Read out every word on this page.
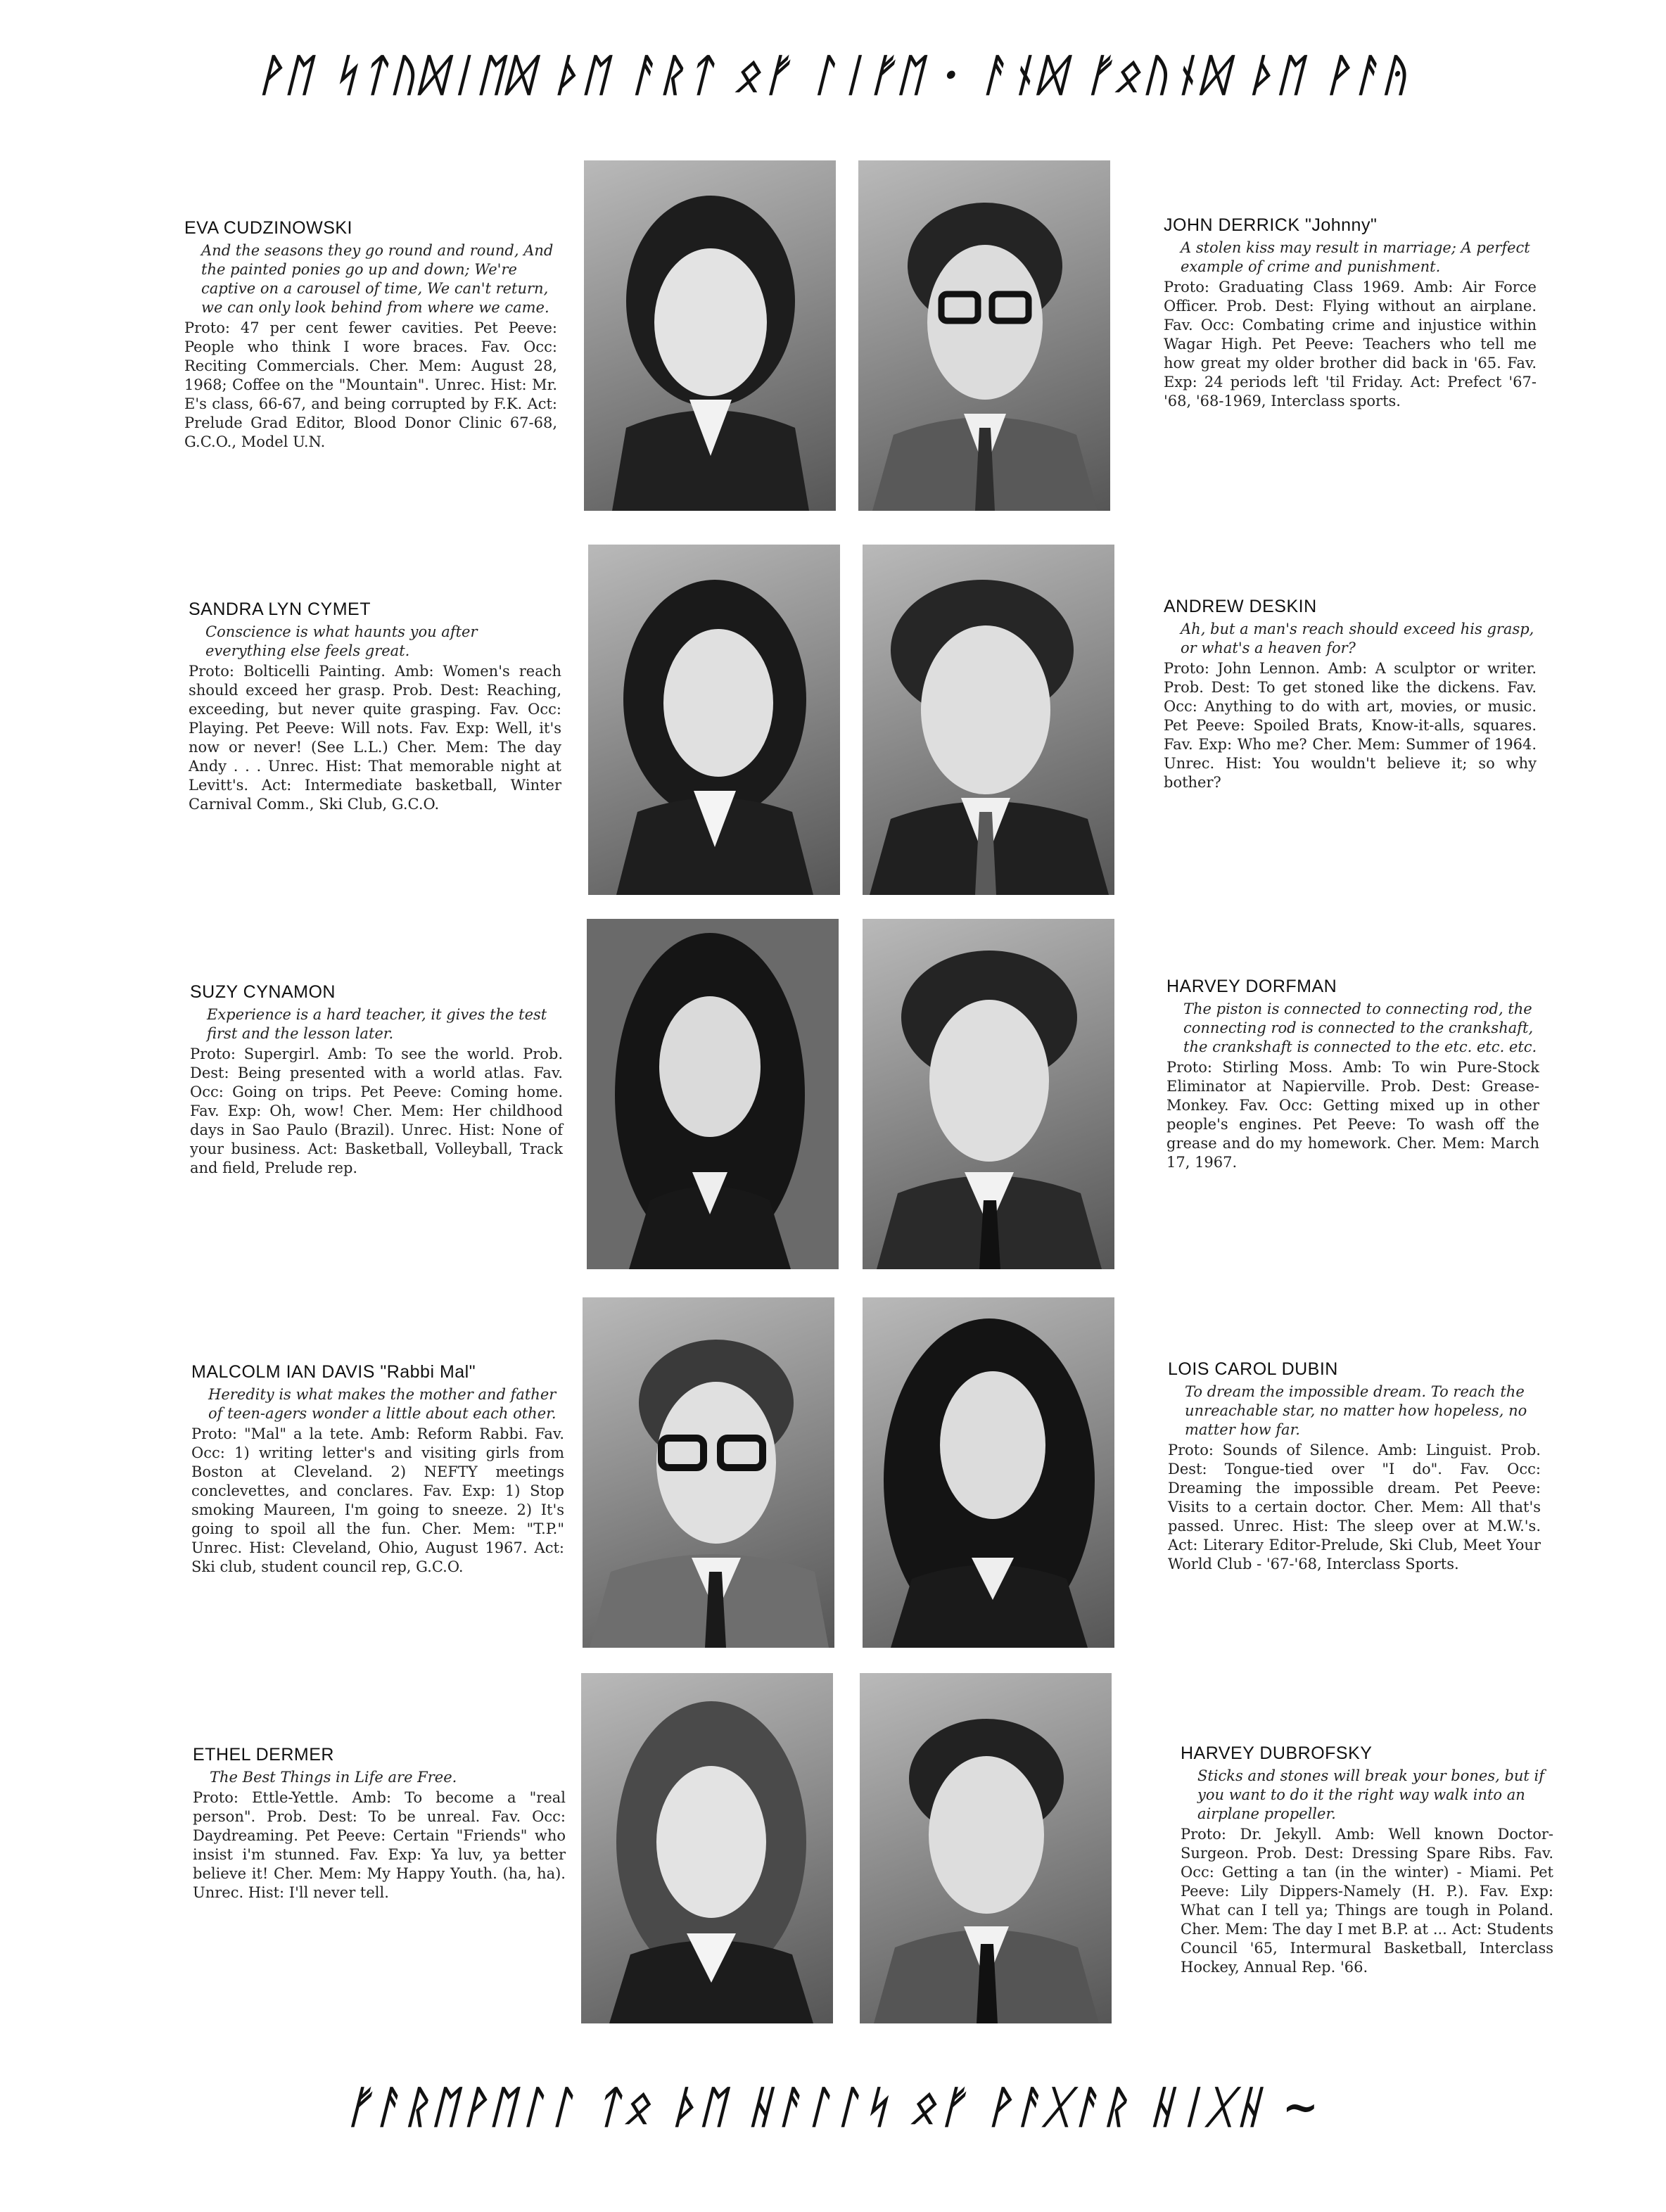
ᚹᛖ ᛋᛏᚢᛞᛁᛖᛞ ᚦᛖ ᚨᚱᛏ ᛟᚠ ᛚᛁᚠᛖ · ᚨᚾᛞ ᚠᛟᚢᚾᛞ ᚦᛖ ᚹᚨᚤ

EVA CUDZINOWSKI

And the seasons they go round and round, And the painted ponies go up and down; We're captive on a carousel of time, We can't return, we can only look behind from where we came.

Proto: 47 per cent fewer cavities. Pet Peeve: People who think I wore braces. Fav. Occ: Reciting Commercials. Cher. Mem: August 28, 1968; Coffee on the "Mountain". Unrec. Hist: Mr. E's class, 66-67, and being corrupted by F.K. Act: Prelude Grad Editor, Blood Donor Clinic 67-68, G.C.O., Model U.N.

SANDRA LYN CYMET

Conscience is what haunts you after everything else feels great.

Proto: Bolticelli Painting. Amb: Women's reach should exceed her grasp. Prob. Dest: Reaching, exceeding, but never quite grasping. Fav. Occ: Playing. Pet Peeve: Will nots. Fav. Exp: Well, it's now or never! (See L.L.) Cher. Mem: The day Andy . . . Unrec. Hist: That memorable night at Levitt's. Act: Intermediate basketball, Winter Carnival Comm., Ski Club, G.C.O.

SUZY CYNAMON

Experience is a hard teacher, it gives the test first and the lesson later.

Proto: Supergirl. Amb: To see the world. Prob. Dest: Being presented with a world atlas. Fav. Occ: Going on trips. Pet Peeve: Coming home. Fav. Exp: Oh, wow! Cher. Mem: Her childhood days in Sao Paulo (Brazil). Unrec. Hist: None of your business. Act: Basketball, Volleyball, Track and field, Prelude rep.

MALCOLM IAN DAVIS "Rabbi Mal"

Heredity is what makes the mother and father of teen-agers wonder a little about each other.

Proto: "Mal" a la tete. Amb: Reform Rabbi. Fav. Occ: 1) writing letter's and visiting girls from Boston at Cleveland. 2) NEFTY meetings conclevettes, and conclares. Fav. Exp: 1) Stop smoking Maureen, I'm going to sneeze. 2) It's going to spoil all the fun. Cher. Mem: "T.P." Unrec. Hist: Cleveland, Ohio, August 1967. Act: Ski club, student council rep, G.C.O.

ETHEL DERMER

The Best Things in Life are Free.

Proto: Ettle-Yettle. Amb: To become a "real person". Prob. Dest: To be unreal. Fav. Occ: Daydreaming. Pet Peeve: Certain "Friends" who insist i'm stunned. Fav. Exp: Ya luv, ya better believe it! Cher. Mem: My Happy Youth. (ha, ha). Unrec. Hist: I'll never tell.

JOHN DERRICK "Johnny"

A stolen kiss may result in marriage; A perfect example of crime and punishment.

Proto: Graduating Class 1969. Amb: Air Force Officer. Prob. Dest: Flying without an airplane. Fav. Occ: Combating crime and injustice within Wagar High. Pet Peeve: Teachers who tell me how great my older brother did back in '65. Fav. Exp: 24 periods left 'til Friday. Act: Prefect '67-'68, '68-1969, Interclass sports.

ANDREW DESKIN

Ah, but a man's reach should exceed his grasp, or what's a heaven for?

Proto: John Lennon. Amb: A sculptor or writer. Prob. Dest: To get stoned like the dickens. Fav. Occ: Anything to do with art, movies, or music. Pet Peeve: Spoiled Brats, Know-it-alls, squares. Fav. Exp: Who me? Cher. Mem: Summer of 1964. Unrec. Hist: You wouldn't believe it; so why bother?

HARVEY DORFMAN

The piston is connected to connecting rod, the connecting rod is connected to the crankshaft, the crankshaft is connected to the etc. etc. etc.

Proto: Stirling Moss. Amb: To win Pure-Stock Eliminator at Napierville. Prob. Dest: Grease-Monkey. Fav. Occ: Getting mixed up in other people's engines. Pet Peeve: To wash off the grease and do my homework. Cher. Mem: March 17, 1967.

LOIS CAROL DUBIN

To dream the impossible dream. To reach the unreachable star, no matter how hopeless, no matter how far.

Proto: Sounds of Silence. Amb: Linguist. Prob. Dest: Tongue-tied over "I do". Fav. Occ: Dreaming the impossible dream. Pet Peeve: Visits to a certain doctor. Cher. Mem: All that's passed. Unrec. Hist: The sleep over at M.W.'s. Act: Literary Editor-Prelude, Ski Club, Meet Your World Club - '67-'68, Interclass Sports.

HARVEY DUBROFSKY

Sticks and stones will break your bones, but if you want to do it the right way walk into an airplane propeller.

Proto: Dr. Jekyll. Amb: Well known Doctor-Surgeon. Prob. Dest: Dressing Spare Ribs. Fav. Occ: Getting a tan (in the winter) - Miami. Pet Peeve: Lily Dippers-Namely (H. P.). Fav. Exp: What can I tell ya; Things are tough in Poland. Cher. Mem: The day I met B.P. at ... Act: Students Council '65, Intermural Basketball, Interclass Hockey, Annual Rep. '66.

ᚠᚨᚱᛖᚹᛖᛚᛚ ᛏᛟ ᚦᛖ ᚺᚨᛚᛚᛋ ᛟᚠ ᚹᚨᚷᚨᚱ ᚺᛁᚷᚺ ~
